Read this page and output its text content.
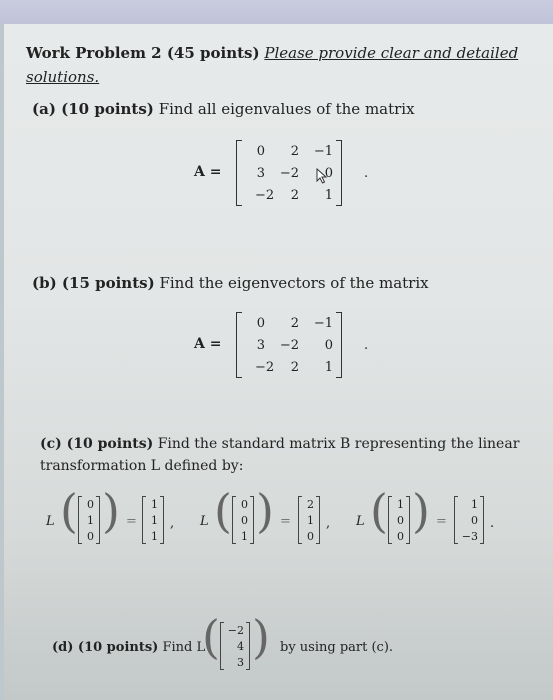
Work Problem 2 (45 points) Please provide clear and detailed
solutions.
(a) (10 points) Find all eigenvalues of the matrix
A =
0	2	−1
3	−2	0
−2	2	1
.
(b) (15 points) Find the eigenvectors of the matrix
A =
0	2	−1
3	−2	0
−2	2	1
.
(c) (10 points) Find the standard matrix B representing the linear
transformation L defined by:
L ( 0
1
0 ) =
1
1
1
, L ( 0
0
1 ) =
2
1
0
, L ( 1
0
0 ) =
1
0
−3
.
(d) (10 points) Find L
( −2
4
3 ) by using part (c).
